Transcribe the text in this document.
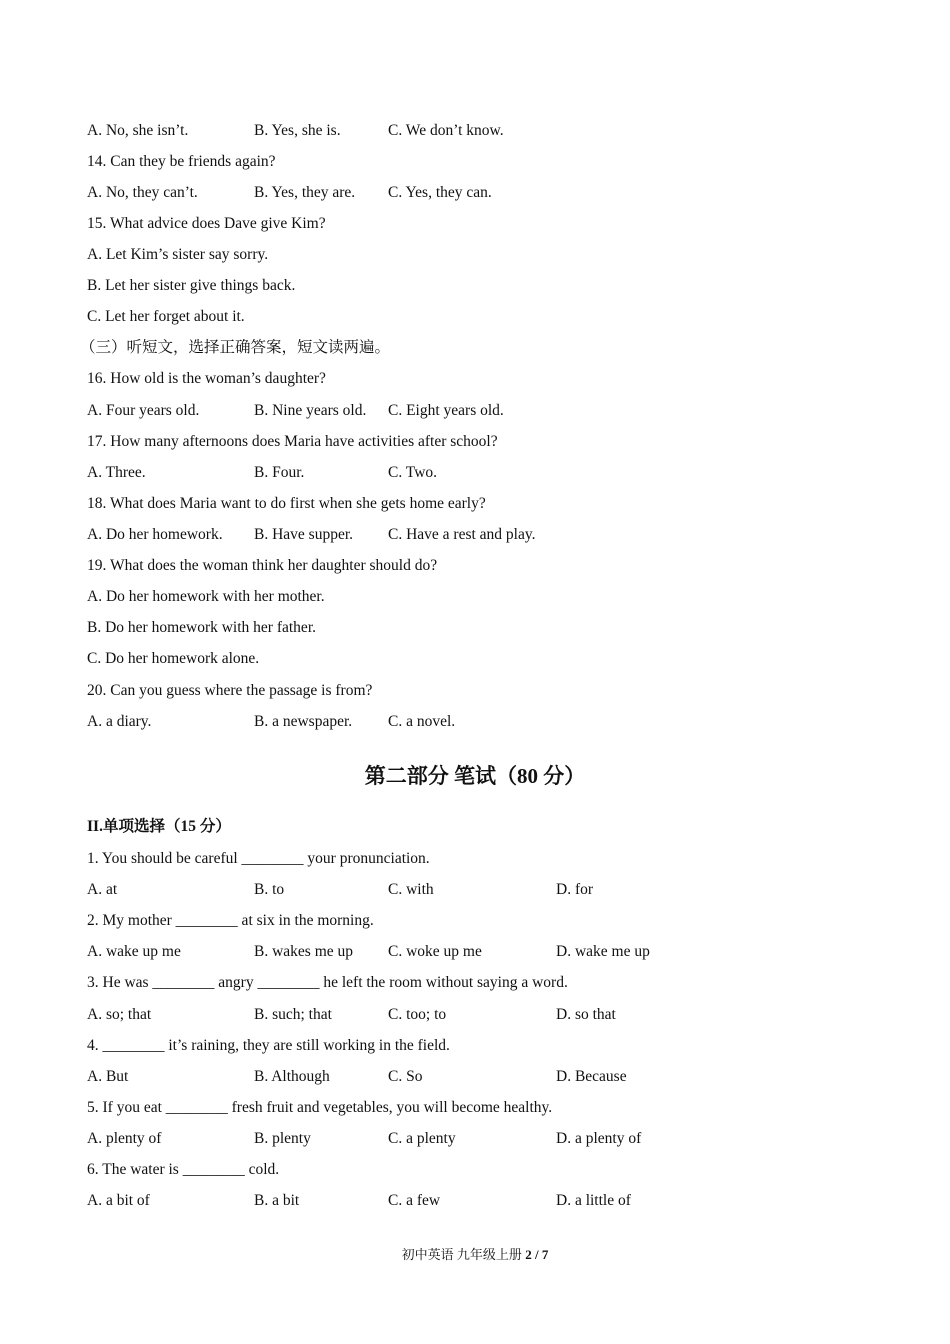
A. No, she isn’t.	B. Yes, she is.	C. We don’t know.
14. Can they be friends again?
A. No, they can’t.	B. Yes, they are. C. Yes, they can.
15. What advice does Dave give Kim?
A. Let Kim’s sister say sorry.
B. Let her sister give things back.
C. Let her forget about it.
（三）听短文，选择正确答案，短文读两遍。
16. How old is the woman’s daughter?
A. Four years old.	B. Nine years old. C. Eight years old.
17. How many afternoons does Maria have activities after school?
A. Three.	B. Four.	C. Two.
18. What does Maria want to do first when she gets home early?
A. Do her homework. B. Have supper. C. Have a rest and play.
19. What does the woman think her daughter should do?
A. Do her homework with her mother.
B. Do her homework with her father.
C. Do her homework alone.
20. Can you guess where the passage is from?
A. a diary.	B. a newspaper. C. a novel.
第二部分 笔试（80 分）
II.单项选择（15 分）
1. You should be careful ________ your pronunciation.
A. at	B. to	C. with	D. for
2. My mother ________ at six in the morning.
A. wake up me	B. wakes me up C. woke up me	D. wake me up
3. He was ________ angry ________ he left the room without saying a word.
A. so; that	B. such; that	C. too; to	D. so that
4. ________ it’s raining, they are still working in the field.
A. But	B. Although	C. So	D. Because
5. If you eat ________ fresh fruit and vegetables, you will become healthy.
A. plenty of	B. plenty	C. a plenty	D. a plenty of
6. The water is ________ cold.
A. a bit of	B. a bit	C. a few	D. a little of
初中英语 九年级上册 2 / 7
